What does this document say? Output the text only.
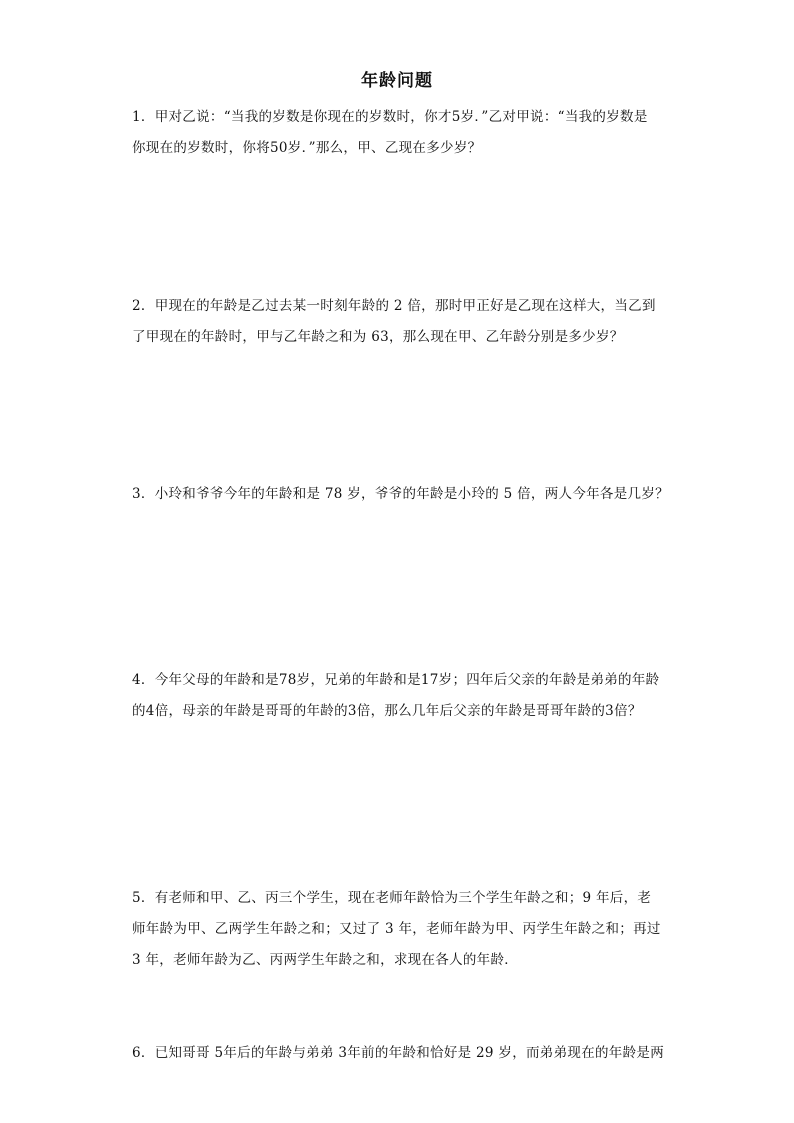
年龄问题

1．甲对乙说：“当我的岁数是你现在的岁数时，你才5岁．”乙对甲说：“当我的岁数是

你现在的岁数时，你将50岁．”那么，甲、乙现在多少岁？

2．甲现在的年龄是乙过去某一时刻年龄的 2 倍，那时甲正好是乙现在这样大，当乙到

了甲现在的年龄时，甲与乙年龄之和为 63，那么现在甲、乙年龄分别是多少岁？

3．小玲和爷爷今年的年龄和是 78 岁，爷爷的年龄是小玲的 5 倍，两人今年各是几岁？

4．今年父母的年龄和是78岁，兄弟的年龄和是17岁；四年后父亲的年龄是弟弟的年龄

的4倍，母亲的年龄是哥哥的年龄的3倍，那么几年后父亲的年龄是哥哥年龄的3倍？

5．有老师和甲、乙、丙三个学生，现在老师年龄恰为三个学生年龄之和；9 年后，老

师年龄为甲、乙两学生年龄之和；又过了 3 年，老师年龄为甲、丙学生年龄之和；再过

3 年，老师年龄为乙、丙两学生年龄之和，求现在各人的年龄．

6．已知哥哥 5年后的年龄与弟弟 3年前的年龄和恰好是 29 岁，而弟弟现在的年龄是两
